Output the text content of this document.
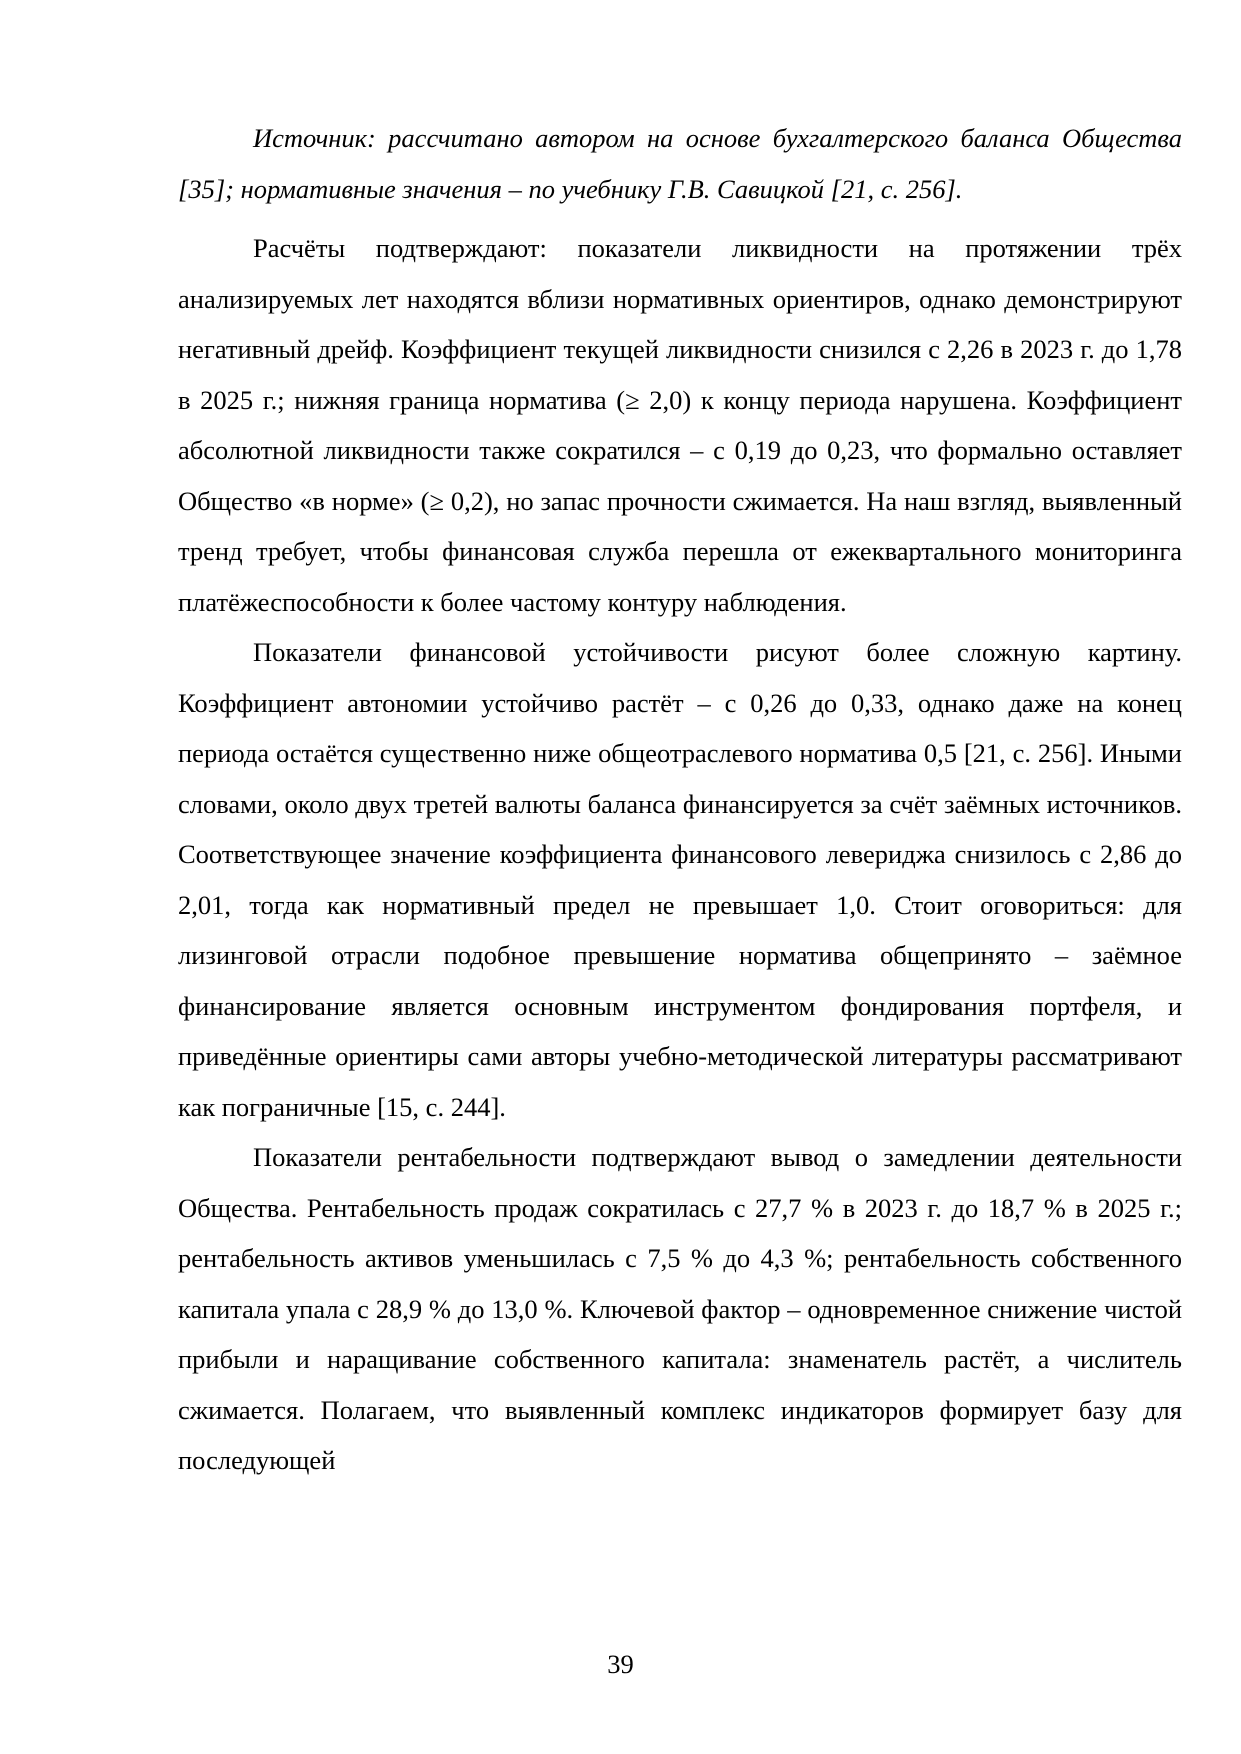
Источник: рассчитано автором на основе бухгалтерского баланса Общества [35]; нормативные значения – по учебнику Г.В. Савицкой [21, с. 256].

Расчёты подтверждают: показатели ликвидности на протяжении трёх анализируемых лет находятся вблизи нормативных ориентиров, однако демонстрируют негативный дрейф. Коэффициент текущей ликвидности снизился с 2,26 в 2023 г. до 1,78 в 2025 г.; нижняя граница норматива (≥ 2,0) к концу периода нарушена. Коэффициент абсолютной ликвидности также сократился – с 0,19 до 0,23, что формально оставляет Общество «в норме» (≥ 0,2), но запас прочности сжимается. На наш взгляд, выявленный тренд требует, чтобы финансовая служба перешла от ежеквартального мониторинга платёжеспособности к более частому контуру наблюдения.

Показатели финансовой устойчивости рисуют более сложную картину. Коэффициент автономии устойчиво растёт – с 0,26 до 0,33, однако даже на конец периода остаётся существенно ниже общеотраслевого норматива 0,5 [21, с. 256]. Иными словами, около двух третей валюты баланса финансируется за счёт заёмных источников. Соответствующее значение коэффициента финансового левериджа снизилось с 2,86 до 2,01, тогда как нормативный предел не превышает 1,0. Стоит оговориться: для лизинговой отрасли подобное превышение норматива общепринято – заёмное финансирование является основным инструментом фондирования портфеля, и приведённые ориентиры сами авторы учебно-методической литературы рассматривают как пограничные [15, с. 244].

Показатели рентабельности подтверждают вывод о замедлении деятельности Общества. Рентабельность продаж сократилась с 27,7 % в 2023 г. до 18,7 % в 2025 г.; рентабельность активов уменьшилась с 7,5 % до 4,3 %; рентабельность собственного капитала упала с 28,9 % до 13,0 %. Ключевой фактор – одновременное снижение чистой прибыли и наращивание собственного капитала: знаменатель растёт, а числитель сжимается. Полагаем, что выявленный комплекс индикаторов формирует базу для последующей

39
